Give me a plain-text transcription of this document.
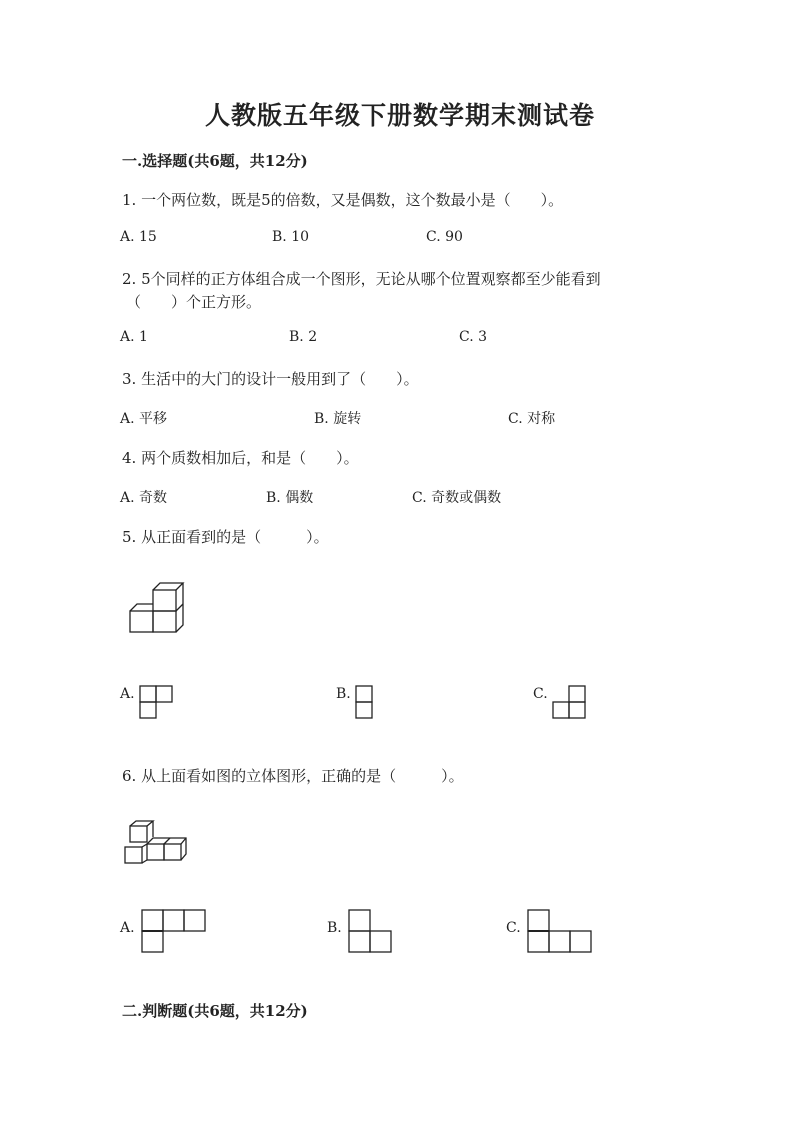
人教版五年级下册数学期末测试卷
一.选择题(共6题，共12分)
1. 一个两位数，既是5的倍数，又是偶数，这个数最小是（　　）。
A. 15	B. 10	C. 90
2. 5个同样的正方体组合成一个图形，无论从哪个位置观察都至少能看到
（　　）个正方形。
A. 1	B. 2	C. 3
3. 生活中的大门的设计一般用到了（　　）。
A. 平移	B. 旋转	C. 对称
4. 两个质数相加后，和是（　　）。
A. 奇数	B. 偶数	C. 奇数或偶数
5. 从正面看到的是（　　　）。
A.	B.	C.
6. 从上面看如图的立体图形，正确的是（　　　）。
A.	B.	C.
二.判断题(共6题，共12分)
